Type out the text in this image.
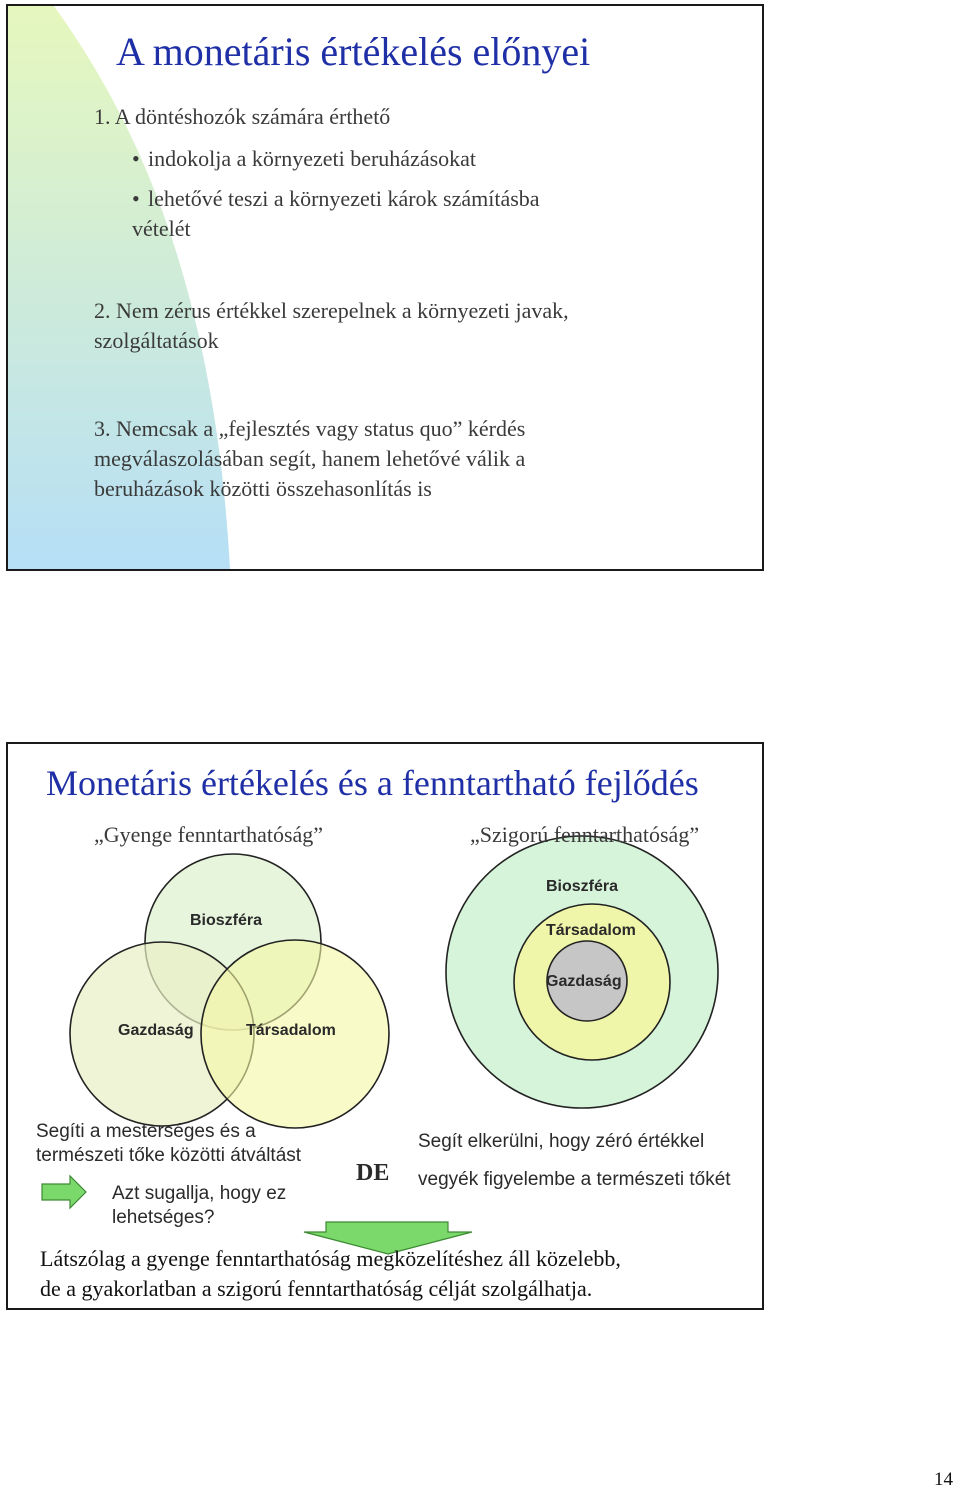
A monetáris értékelés előnyei
1. A döntéshozók számára érthető
• indokolja a környezeti beruházásokat
• lehetővé teszi a környezeti károk számításba
vételét
2. Nem zérus értékkel szerepelnek a környezeti javak,
szolgáltatások
3. Nemcsak a „fejlesztés vagy status quo” kérdés
megválaszolásában segít, hanem lehetővé válik a
beruházások közötti összehasonlítás is
Monetáris értékelés és a fenntartható fejlődés
„Gyenge fenntarthatóság”	„Szigorú fenntarthatóság”
Bioszféra
Gazdaság	Társadalom
Bioszféra
Társadalom
Gazdaság
Segíti a mesterséges és a
természeti tőke közötti átváltást
Azt sugallja, hogy ez
lehetséges?
DE
Segít elkerülni, hogy zéró értékkel
vegyék figyelembe a természeti tőkét
Látszólag a gyenge fenntarthatóság megközelítéshez áll közelebb,
de a gyakorlatban a szigorú fenntarthatóság célját szolgálhatja.
14
